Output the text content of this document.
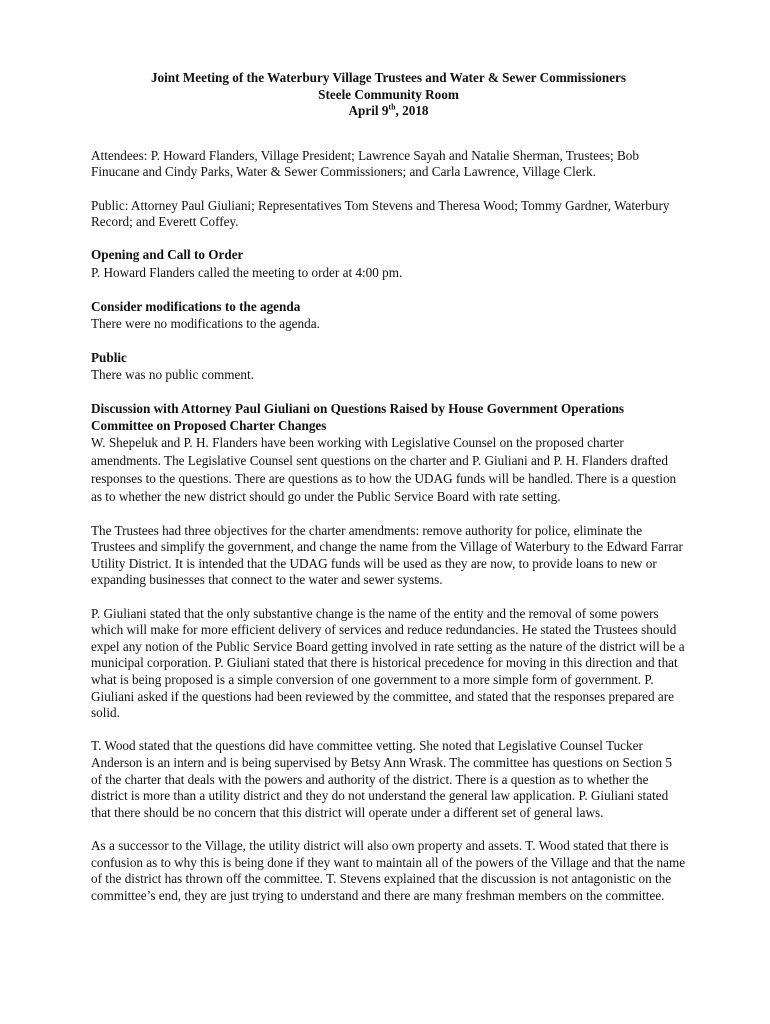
Joint Meeting of the Waterbury Village Trustees and Water & Sewer Commissioners
Steele Community Room
April 9th, 2018

Attendees: P. Howard Flanders, Village President; Lawrence Sayah and Natalie Sherman, Trustees; Bob Finucane and Cindy Parks, Water & Sewer Commissioners; and Carla Lawrence, Village Clerk.

Public: Attorney Paul Giuliani; Representatives Tom Stevens and Theresa Wood; Tommy Gardner, Waterbury Record; and Everett Coffey.

Opening and Call to Order
P. Howard Flanders called the meeting to order at 4:00 pm.
Consider modifications to the agenda
There were no modifications to the agenda.
Public
There was no public comment.
Discussion with Attorney Paul Giuliani on Questions Raised by House Government Operations Committee on Proposed Charter Changes
W. Shepeluk and P. H. Flanders have been working with Legislative Counsel on the proposed charter amendments. The Legislative Counsel sent questions on the charter and P. Giuliani and P. H. Flanders drafted responses to the questions. There are questions as to how the UDAG funds will be handled. There is a question as to whether the new district should go under the Public Service Board with rate setting.

The Trustees had three objectives for the charter amendments: remove authority for police, eliminate the Trustees and simplify the government, and change the name from the Village of Waterbury to the Edward Farrar Utility District. It is intended that the UDAG funds will be used as they are now, to provide loans to new or expanding businesses that connect to the water and sewer systems.

P. Giuliani stated that the only substantive change is the name of the entity and the removal of some powers which will make for more efficient delivery of services and reduce redundancies. He stated the Trustees should expel any notion of the Public Service Board getting involved in rate setting as the nature of the district will be a municipal corporation. P. Giuliani stated that there is historical precedence for moving in this direction and that what is being proposed is a simple conversion of one government to a more simple form of government. P. Giuliani asked if the questions had been reviewed by the committee, and stated that the responses prepared are solid.

T. Wood stated that the questions did have committee vetting. She noted that Legislative Counsel Tucker Anderson is an intern and is being supervised by Betsy Ann Wrask. The committee has questions on Section 5 of the charter that deals with the powers and authority of the district. There is a question as to whether the district is more than a utility district and they do not understand the general law application. P. Giuliani stated that there should be no concern that this district will operate under a different set of general laws.

As a successor to the Village, the utility district will also own property and assets. T. Wood stated that there is confusion as to why this is being done if they want to maintain all of the powers of the Village and that the name of the district has thrown off the committee. T. Stevens explained that the discussion is not antagonistic on the committee’s end, they are just trying to understand and there are many freshman members on the committee.
